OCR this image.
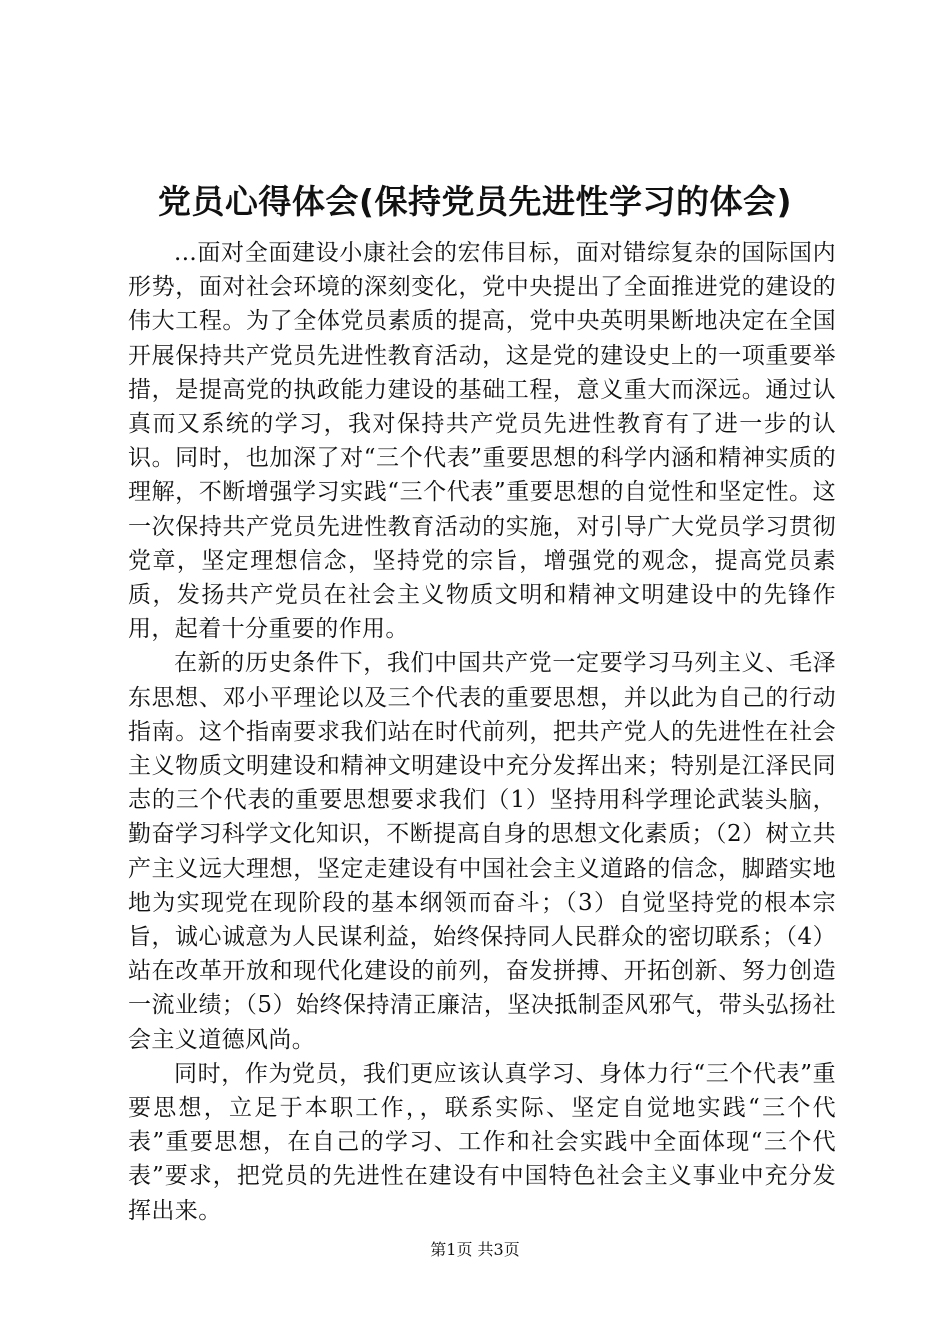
党员心得体会(保持党员先进性学习的体会)

...面对全面建设小康社会的宏伟目标，面对错综复杂的国际国内形势，面对社会环境的深刻变化，党中央提出了全面推进党的建设的伟大工程。为了全体党员素质的提高，党中央英明果断地决定在全国开展保持共产党员先进性教育活动，这是党的建设史上的一项重要举措，是提高党的执政能力建设的基础工程，意义重大而深远。通过认真而又系统的学习，我对保持共产党员先进性教育有了进一步的认识。同时，也加深了对“三个代表”重要思想的科学内涵和精神实质的理解，不断增强学习实践“三个代表”重要思想的自觉性和坚定性。这一次保持共产党员先进性教育活动的实施，对引导广大党员学习贯彻党章，坚定理想信念，坚持党的宗旨，增强党的观念，提高党员素质，发扬共产党员在社会主义物质文明和精神文明建设中的先锋作用，起着十分重要的作用。

在新的历史条件下，我们中国共产党一定要学习马列主义、毛泽东思想、邓小平理论以及三个代表的重要思想，并以此为自己的行动指南。这个指南要求我们站在时代前列，把共产党人的先进性在社会主义物质文明建设和精神文明建设中充分发挥出来；特别是江泽民同志的三个代表的重要思想要求我们（1）坚持用科学理论武装头脑，勤奋学习科学文化知识，不断提高自身的思想文化素质；（2）树立共产主义远大理想，坚定走建设有中国社会主义道路的信念，脚踏实地地为实现党在现阶段的基本纲领而奋斗；（3）自觉坚持党的根本宗旨，诚心诚意为人民谋利益，始终保持同人民群众的密切联系；（4）站在改革开放和现代化建设的前列，奋发拼搏、开拓创新、努力创造一流业绩；（5）始终保持清正廉洁，坚决抵制歪风邪气，带头弘扬社会主义道德风尚。

同时，作为党员，我们更应该认真学习、身体力行“三个代表”重要思想，立足于本职工作，，联系实际、坚定自觉地实践“三个代表”重要思想，在自己的学习、工作和社会实践中全面体现“三个代表”要求，把党员的先进性在建设有中国特色社会主义事业中充分发挥出来。

第1页 共3页
